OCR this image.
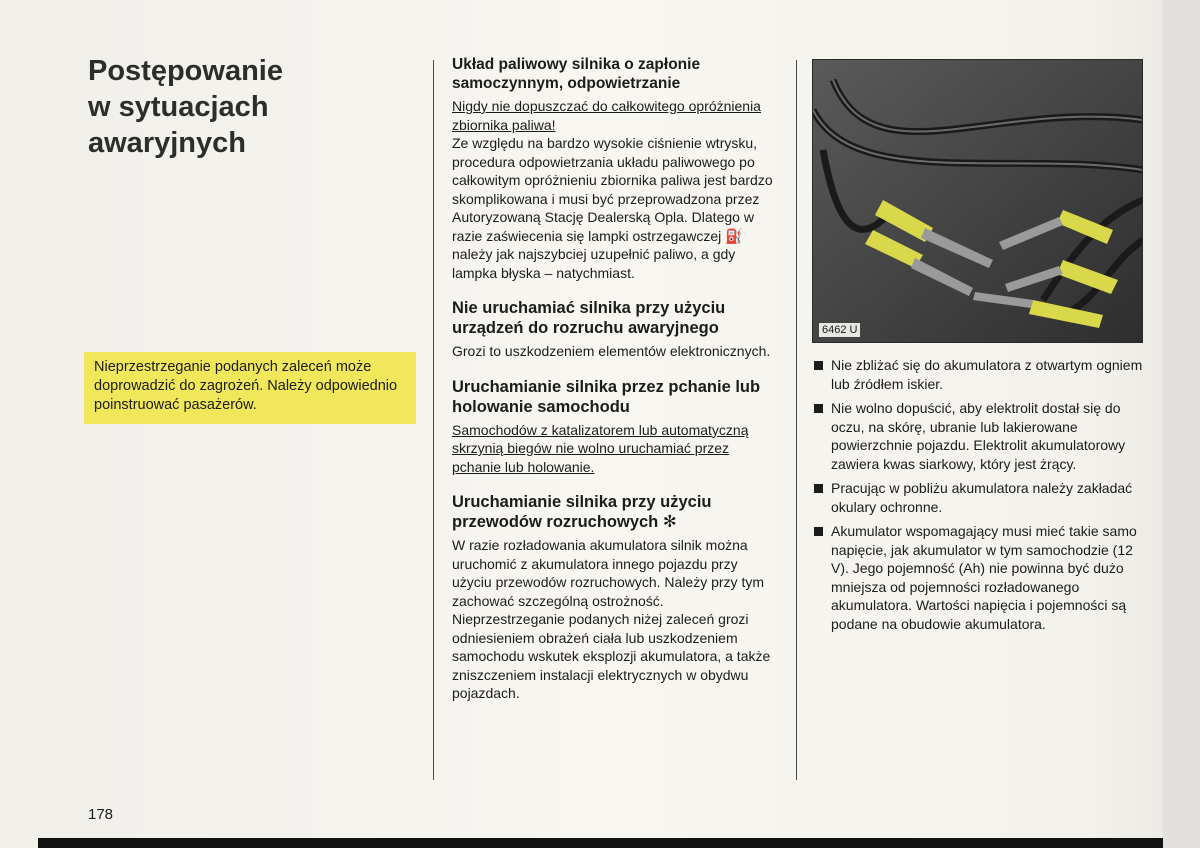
Postępowanie
w sytuacjach
awaryjnych
Nieprzestrzeganie podanych zaleceń może doprowadzić do zagrożeń. Należy odpowiednio poinstruować pasażerów.

Układ paliwowy silnika o zapłonie samoczynnym, odpowietrzanie

Nigdy nie dopuszczać do całkowitego opróżnienia zbiornika paliwa!

Ze względu na bardzo wysokie ciśnienie wtrysku, procedura odpowietrzania układu paliwowego po całkowitym opróżnieniu zbiornika paliwa jest bardzo skomplikowana i musi być przeprowadzona przez Autoryzowaną Stację Dealerską Opla. Dlatego w razie zaświecenia się lampki ostrzegawczej ⛽ należy jak najszybciej uzupełnić paliwo, a gdy lampka błyska – natychmiast.

Nie uruchamiać silnika przy użyciu urządzeń do rozruchu awaryjnego

Grozi to uszkodzeniem elementów elektronicznych.

Uruchamianie silnika przez pchanie lub holowanie samochodu

Samochodów z katalizatorem lub automatyczną skrzynią biegów nie wolno uruchamiać przez pchanie lub holowanie.

Uruchamianie silnika przy użyciu przewodów rozruchowych ✻

W razie rozładowania akumulatora silnik można uruchomić z akumulatora innego pojazdu przy użyciu przewodów rozruchowych. Należy przy tym zachować szczególną ostrożność. Nieprzestrzeganie podanych niżej zaleceń grozi odniesieniem obrażeń ciała lub uszkodzeniem samochodu wskutek eksplozji akumulatora, a także zniszczeniem instalacji elektrycznych w obydwu pojazdach.

6462 U
Nie zbliżać się do akumulatora z otwartym ogniem lub źródłem iskier.
Nie wolno dopuścić, aby elektrolit dostał się do oczu, na skórę, ubranie lub lakierowane powierzchnie pojazdu. Elektrolit akumulatorowy zawiera kwas siarkowy, który jest żrący.
Pracując w pobliżu akumulatora należy zakładać okulary ochronne.
Akumulator wspomagający musi mieć takie samo napięcie, jak akumulator w tym samochodzie (12 V). Jego pojemność (Ah) nie powinna być dużo mniejsza od pojemności rozładowanego akumulatora. Wartości napięcia i pojemności są podane na obudowie akumulatora.
178
